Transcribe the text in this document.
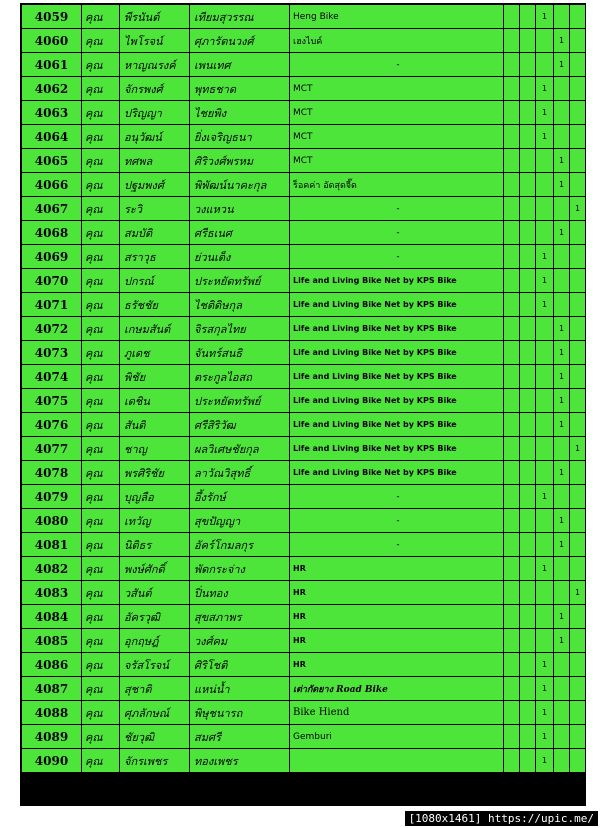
4059	คุณ	พีรนันต์	เทียมสุวรรณ	Heng Bike			1		
4060	คุณ	ไพโรจน์	ศุภารัตนวงศ์	เฮงไบค์				1	
4061	คุณ	หาญณรงค์	เพนเทศ	-				1	
4062	คุณ	จักรพงศ์	พุทธชาด	MCT			1		
4063	คุณ	ปริญญา	ไชยพิง	MCT			1		
4064	คุณ	อนุวัฒน์	ยิ่งเจริญธนา	MCT			1		
4065	คุณ	ทศพล	ศิริวงศ์พรหม	MCT				1	
4066	คุณ	ปฐมพงศ์	พิพัฒน์นาคะกุล	ร็อคค่า อัดสุดจี๊ด				1	
4067	คุณ	ระวิ	วงแหวน	-					1
4068	คุณ	สมบัติ	ศรีธเนศ	-				1	
4069	คุณ	สราวุธ	ย่วนเต็ง	-			1		
4070	คุณ	ปกรณ์	ประหยัดทรัพย์	Life and Living Bike Net by KPS Bike			1		
4071	คุณ	ธรัชชัย	ไชติดิษกุล	Life and Living Bike Net by KPS Bike			1		
4072	คุณ	เกษมสันต์	จิรสกุลไทย	Life and Living Bike Net by KPS Bike				1	
4073	คุณ	ภูเดช	จันทร์สนธิ	Life and Living Bike Net by KPS Bike				1	
4074	คุณ	พิชัย	ตระกูลไอสถ	Life and Living Bike Net by KPS Bike				1	
4075	คุณ	เดชิน	ประหยัดทรัพย์	Life and Living Bike Net by KPS Bike				1	
4076	คุณ	สันติ	ศรีสิริวัฒ	Life and Living Bike Net by KPS Bike				1	
4077	คุณ	ชาญ	ผลวิเศษชัยกุล	Life and Living Bike Net by KPS Bike					1
4078	คุณ	พรศิริชัย	ลาวัณวิสุทธิ์	Life and Living Bike Net by KPS Bike				1	
4079	คุณ	บุญลือ	อึ้งรักษ์	-			1		
4080	คุณ	เทวัญ	สุขปัญญา	-				1	
4081	คุณ	นิติธร	อัคร์โกมลกุร	-				1	
4082	คุณ	พงษ์ศักดิ์	พัดกระจ่าง	HR			1		
4083	คุณ	วสันต์	ปิ่นทอง	HR					1
4084	คุณ	อัครวุฒิ	สุขสภาพร	HR				1	
4085	คุณ	อุกฤษฎ์	วงศ์คม	HR				1	
4086	คุณ	จรัสโรจน์	ศิริโชติ	HR			1		
4087	คุณ	สุชาติ	แหน่น้ำ	เต่ากัดยาง Road Bike			1		
4088	คุณ	ศุภลักษณ์	พิษุชนารถ	Bike Hiend			1		
4089	คุณ	ชัยวุฒิ	สมศรี	Gemburi			1		
4090	คุณ	จักรเพชร	ทองเพชร				1		
[1080x1461] https://upic.me/
